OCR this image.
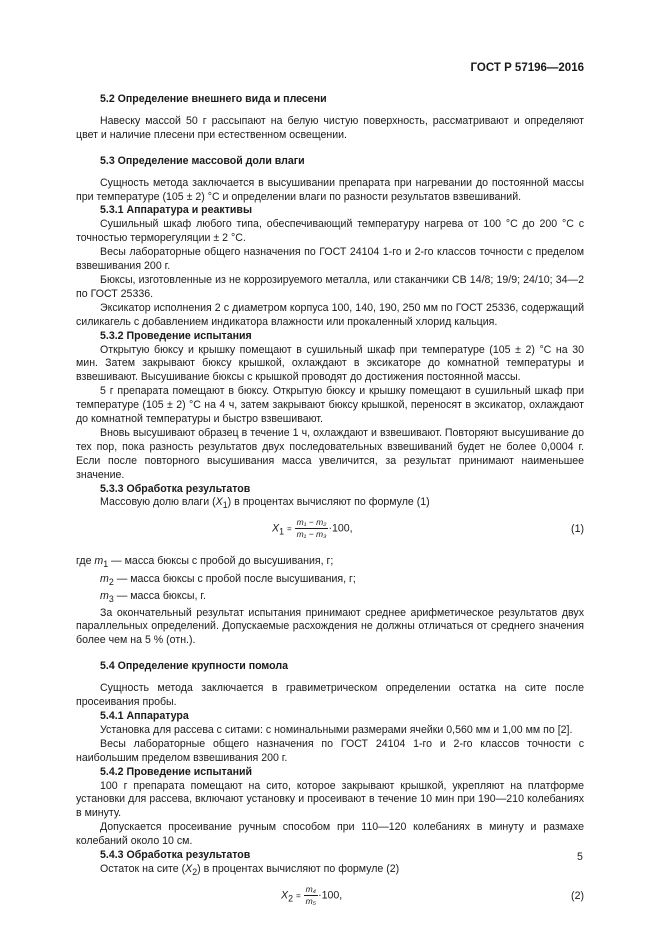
ГОСТ Р 57196—2016

5.2 Определение внешнего вида и плесени

Навеску массой 50 г рассыпают на белую чистую поверхность, рассматривают и определяют цвет и наличие плесени при естественном освещении.

5.3 Определение массовой доли влаги

Сущность метода заключается в высушивании препарата при нагревании до постоянной массы при температуре (105 ± 2) °С и определении влаги по разности результатов взвешиваний.

5.3.1 Аппаратура и реактивы

Сушильный шкаф любого типа, обеспечивающий температуру нагрева от 100 °С до 200 °С с точностью терморегуляции ± 2 °С.

Весы лабораторные общего назначения по ГОСТ 24104 1-го и 2-го классов точности с пределом взвешивания 200 г.

Бюксы, изготовленные из не коррозируемого металла, или стаканчики СВ 14/8; 19/9; 24/10; 34—2 по ГОСТ 25336.

Эксикатор исполнения 2 с диаметром корпуса 100, 140, 190, 250 мм по ГОСТ 25336, содержащий силикагель с добавлением индикатора влажности или прокаленный хлорид кальция.

5.3.2 Проведение испытания

Открытую бюксу и крышку помещают в сушильный шкаф при температуре (105 ± 2) °С на 30 мин. Затем закрывают бюксу крышкой, охлаждают в эксикаторе до комнатной температуры и взвешивают. Высушивание бюксы с крышкой проводят до достижения постоянной массы.

5 г препарата помещают в бюксу. Открытую бюксу и крышку помещают в сушильный шкаф при температуре (105 ± 2) °С на 4 ч, затем закрывают бюксу крышкой, переносят в эксикатор, охлаждают до комнатной температуры и быстро взвешивают.

Вновь высушивают образец в течение 1 ч, охлаждают и взвешивают. Повторяют высушивание до тех пор, пока разность результатов двух последовательных взвешиваний будет не более 0,0004 г. Если после повторного высушивания масса увеличится, за результат принимают наименьшее значение.

5.3.3 Обработка результатов

Массовую долю влаги $(X_1)$ в процентах вычисляют по формуле (1)

$X_1 = \frac{\text{m₁ − m₂}}{\text{m₁ − m₃}} \cdot 100$,	(1)

где $m_1$ — масса бюксы с пробой до высушивания, г;

$m_2$ — масса бюксы с пробой после высушивания, г;

$m_3$ — масса бюксы, г.

За окончательный результат испытания принимают среднее арифметическое результатов двух параллельных определений. Допускаемые расхождения не должны отличаться от среднего значения более чем на 5 % (отн.).

5.4 Определение крупности помола

Сущность метода заключается в гравиметрическом определении остатка на сите после просеивания пробы.

5.4.1 Аппаратура

Установка для рассева с ситами: с номинальными размерами ячейки 0,560 мм и 1,00 мм по [2].

Весы лабораторные общего назначения по ГОСТ 24104 1-го и 2-го классов точности с наибольшим пределом взвешивания 200 г.

5.4.2 Проведение испытаний

100 г препарата помещают на сито, которое закрывают крышкой, укрепляют на платформе установки для рассева, включают установку и просеивают в течение 10 мин при 190—210 колебаниях в минуту.

Допускается просеивание ручным способом при 110—120 колебаниях в минуту и размахе колебаний около 10 см.

5.4.3 Обработка результатов

Остаток на сите $(X_2)$ в процентах вычисляют по формуле (2)

$X_2 = \frac{\text{m₄}}{\text{m₅}} \cdot 100$,	(2)
5
